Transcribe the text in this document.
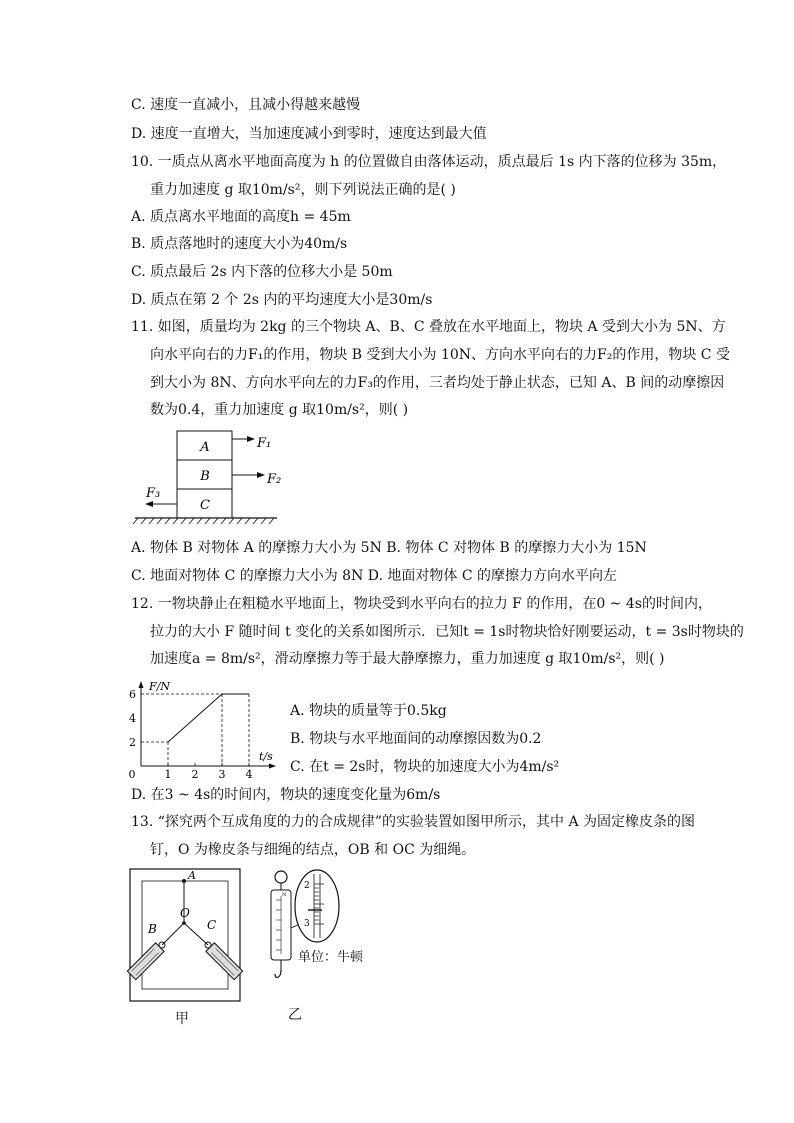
C. 速度一直减小，且减小得越来越慢
D. 速度一直增大，当加速度减小到零时，速度达到最大值
10. 一质点从离水平地面高度为 h 的位置做自由落体运动，质点最后 1s 内下落的位移为 35m，
重力加速度 g 取10m/s²，则下列说法正确的是( )
A. 质点离水平地面的高度h = 45m
B. 质点落地时的速度大小为40m/s
C. 质点最后 2s 内下落的位移大小是 50m
D. 质点在第 2 个 2s 内的平均速度大小是30m/s
11. 如图，质量均为 2kg 的三个物块 A、B、C 叠放在水平地面上，物块 A 受到大小为 5N、方
向水平向右的力F₁的作用，物块 B 受到大小为 10N、方向水平向右的力F₂的作用，物块 C 受
到大小为 8N、方向水平向左的力F₃的作用，三者均处于静止状态，已知 A、B 间的动摩擦因
数为0.4，重力加速度 g 取10m/s²，则( )
A
B
C
F₁
F₂
F₃
A. 物体 B 对物体 A 的摩擦力大小为 5N B. 物体 C 对物体 B 的摩擦力大小为 15N
C. 地面对物体 C 的摩擦力大小为 8N D. 地面对物体 C 的摩擦力方向水平向左
12. 一物块静止在粗糙水平地面上，物块受到水平向右的拉力 F 的作用，在0 ~ 4s的时间内，
拉力的大小 F 随时间 t 变化的关系如图所示．已知t = 1s时物块恰好刚要运动，t = 3s时物块的
加速度a = 8m/s²，滑动摩擦力等于最大静摩擦力，重力加速度 g 取10m/s²，则( )
F/N
t/s
0	1 2 3 4
2
4
6
A. 物块的质量等于0.5kg
B. 物块与水平地面间的动摩擦因数为0.2
C. 在t = 2s时，物块的加速度大小为4m/s²
D. 在3 ~ 4s的时间内，物块的速度变化量为6m/s
13. “探究两个互成角度的力的合成规律”的实验装置如图甲所示，其中 A 为固定橡皮条的图
钉，O 为橡皮条与细绳的结点，OB 和 OC 为细绳。
A
O
B	C
甲
N
2
3
单位：牛顿
乙
